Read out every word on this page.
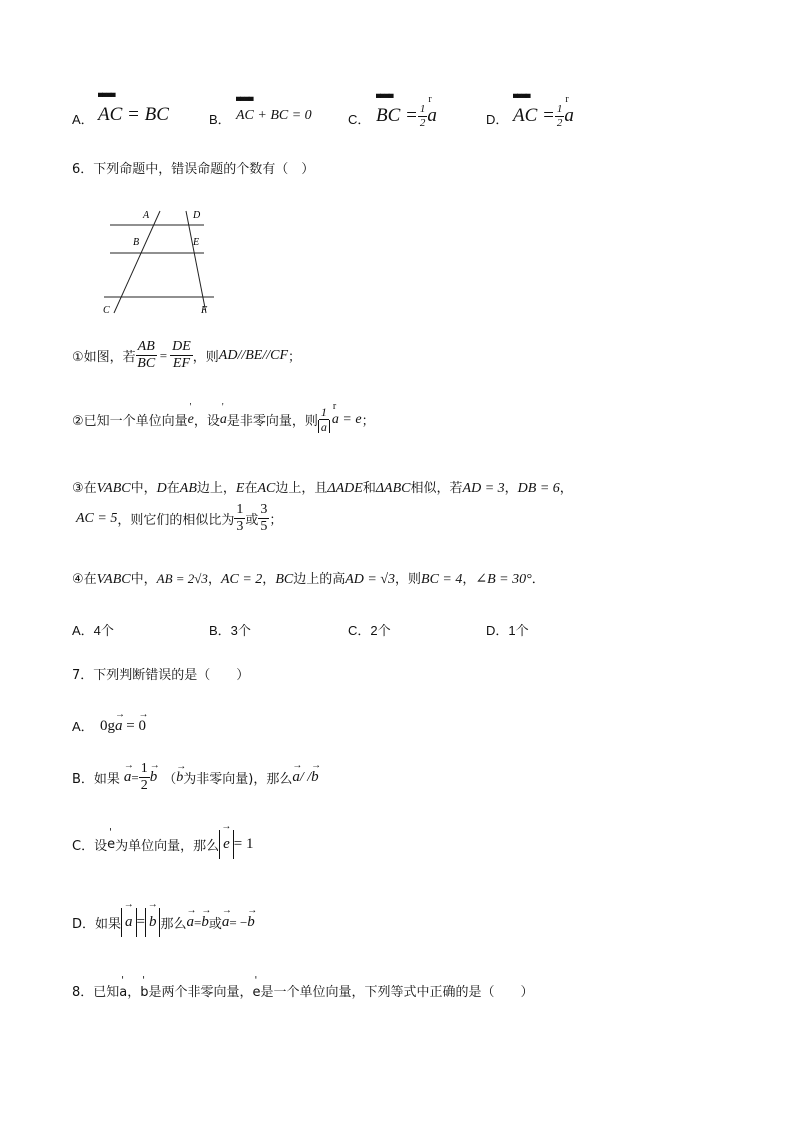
A．
▀▀ ▀▀ AC = BC	B．
▀▀ ▀▀ AC + BC = 0	C．
▀▀ ▀▀ BC = $\frac{1}{2}$
r a	D．
▀▀ ▀▀ AC = $\frac{1}{2}$
r a
6．下列命题中，错误命题的个数有（　）
A
B
C
D
E
F
①如图，若 $\frac{AB}{BC} = \frac{DE}{EF}$ ，则 AD//BE//CF ；
②已知一个单位向量
' e ，设
' a 是非零向量，则 $\frac{1}{a}$
r a = e ；
③在VABC中，D在AB边上，E在AC边上，且ΔADE和ΔABC相似，若AD = 3，DB = 6，
AC = 5 ，则它们的相似比为 $\frac{1}{3}$ 或 $\frac{3}{5}$ ；
④在VABC中，AB = 2√3，AC = 2，BC边上的高AD = √3，则BC = 4，∠B = 30°．
A．4个	B．3个	C．2个	D．1个
7．下列判断错误的是（　　）
A． 0g→ a = → 0
B．如果
→ $a = \frac{1}{2}$
→ b （
→ b 为非零向量)，那么
→ a / /
→ b
C．设
' e 为单位向量，那么
→ e = 1
D．如果
→ a =
→ b 那么
→ a =
→ b 或
→ a = −
→ b
8．已知' a，' b是两个非零向量，' e是一个单位向量，下列等式中正确的是（　　）
